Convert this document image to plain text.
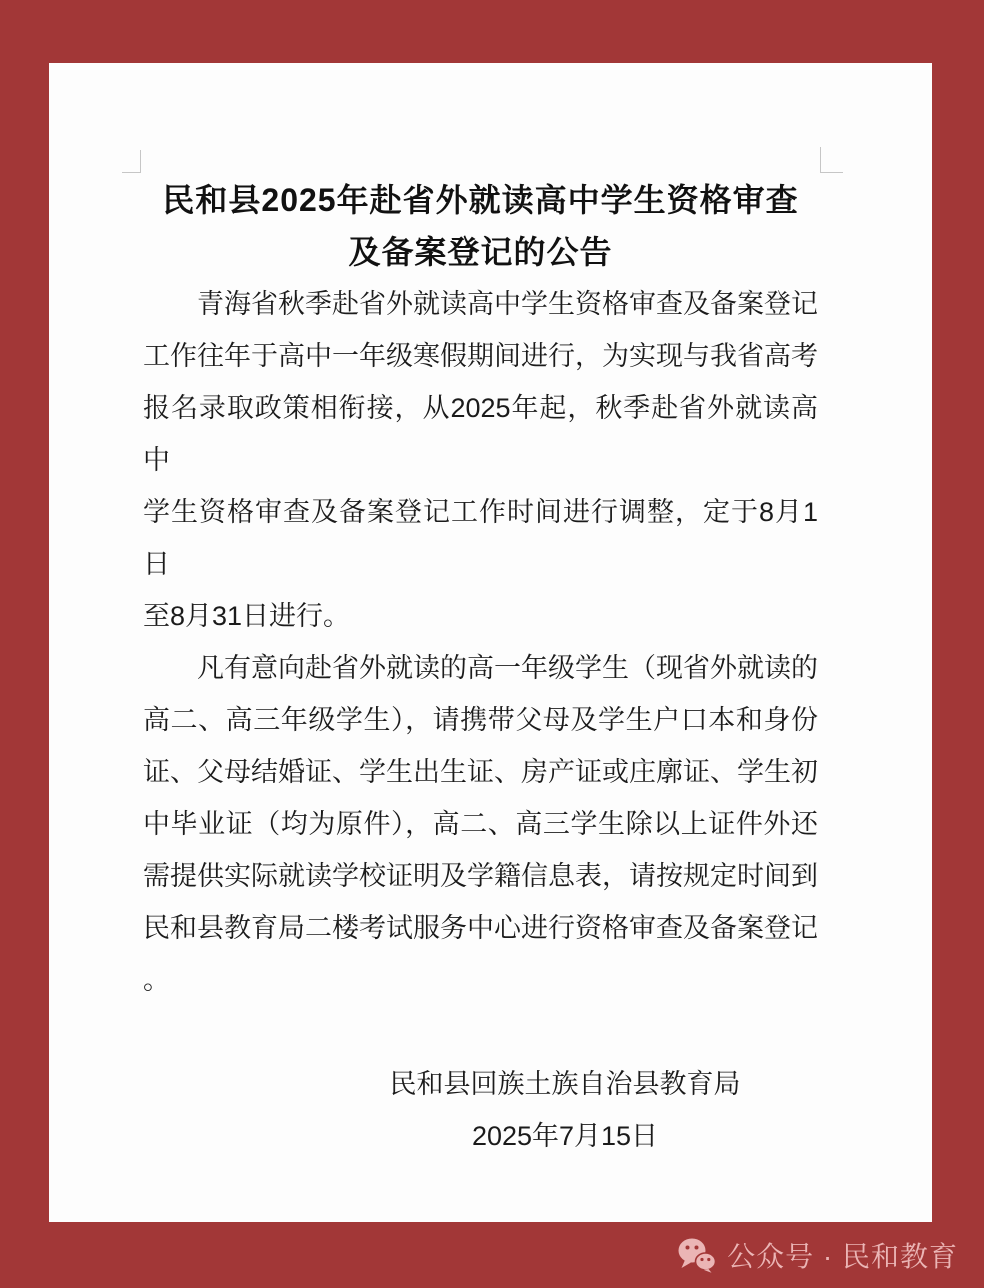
民和县2025年赴省外就读高中学生资格审查
及备案登记的公告
　　青海省秋季赴省外就读高中学生资格审查及备案登记
工作往年于高中一年级寒假期间进行，为实现与我省高考
报名录取政策相衔接，从2025年起，秋季赴省外就读高中
学生资格审查及备案登记工作时间进行调整，定于8月1日
至8月31日进行。
　　凡有意向赴省外就读的高一年级学生（现省外就读的
高二、高三年级学生），请携带父母及学生户口本和身份
证、父母结婚证、学生出生证、房产证或庄廓证、学生初
中毕业证（均为原件），高二、高三学生除以上证件外还
需提供实际就读学校证明及学籍信息表，请按规定时间到
民和县教育局二楼考试服务中心进行资格审查及备案登记
。
民和县回族土族自治县教育局
2025年7月15日
公众号 · 民和教育
